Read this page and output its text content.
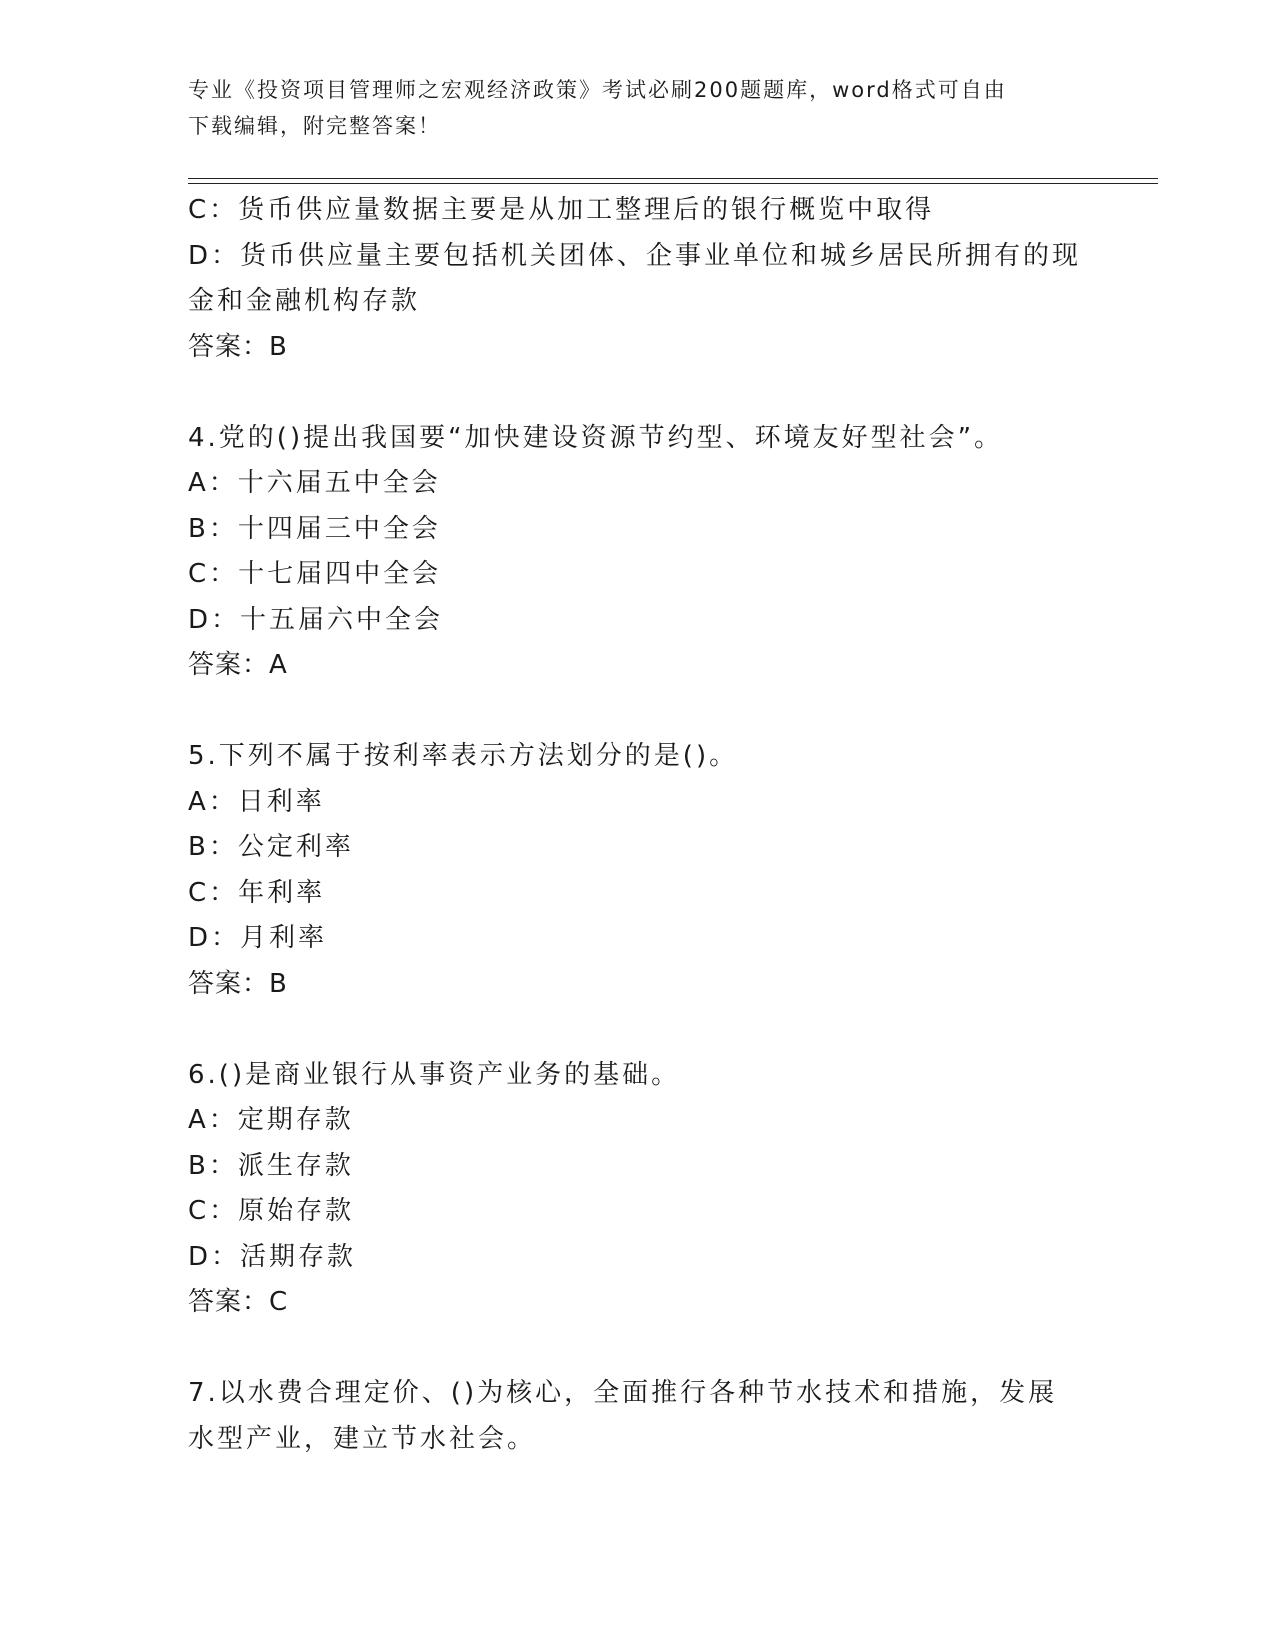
专业《投资项目管理师之宏观经济政策》考试必刷200题题库，word格式可自由
下载编辑，附完整答案！
C：货币供应量数据主要是从加工整理后的银行概览中取得
D：货币供应量主要包括机关团体、企事业单位和城乡居民所拥有的现
金和金融机构存款
答案：B
4.党的()提出我国要“加快建设资源节约型、环境友好型社会”。
A：十六届五中全会
B：十四届三中全会
C：十七届四中全会
D：十五届六中全会
答案：A
5.下列不属于按利率表示方法划分的是()。
A：日利率
B：公定利率
C：年利率
D：月利率
答案：B
6.()是商业银行从事资产业务的基础。
A：定期存款
B：派生存款
C：原始存款
D：活期存款
答案：C
7.以水费合理定价、()为核心，全面推行各种节水技术和措施，发展
水型产业，建立节水社会。
